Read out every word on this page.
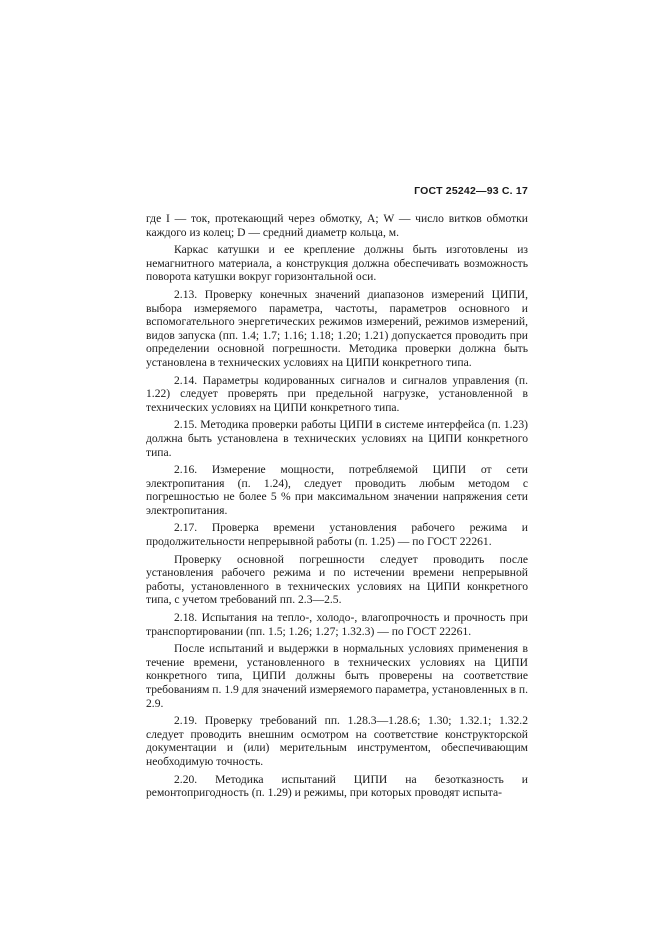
ГОСТ 25242—93 С. 17

где I — ток, протекающий через обмотку, А; W — число витков обмотки каждого из колец; D — средний диаметр кольца, м.

Каркас катушки и ее крепление должны быть изготовлены из немагнитного материала, а конструкция должна обеспечивать возможность поворота катушки вокруг горизонтальной оси.

2.13. Проверку конечных значений диапазонов измерений ЦИПИ, выбора измеряемого параметра, частоты, параметров основного и вспомогательного энергетических режимов измерений, режимов измерений, видов запуска (пп. 1.4; 1.7; 1.16; 1.18; 1.20; 1.21) допускается проводить при определении основной погрешности. Методика проверки должна быть установлена в технических условиях на ЦИПИ конкретного типа.

2.14. Параметры кодированных сигналов и сигналов управления (п. 1.22) следует проверять при предельной нагрузке, установленной в технических условиях на ЦИПИ конкретного типа.

2.15. Методика проверки работы ЦИПИ в системе интерфейса (п. 1.23) должна быть установлена в технических условиях на ЦИПИ конкретного типа.

2.16. Измерение мощности, потребляемой ЦИПИ от сети электропитания (п. 1.24), следует проводить любым методом с погрешностью не более 5 % при максимальном значении напряжения сети электропитания.

2.17. Проверка времени установления рабочего режима и продолжительности непрерывной работы (п. 1.25) — по ГОСТ 22261.

Проверку основной погрешности следует проводить после установления рабочего режима и по истечении времени непрерывной работы, установленного в технических условиях на ЦИПИ конкретного типа, с учетом требований пп. 2.3—2.5.

2.18. Испытания на тепло-, холодо-, влагопрочность и прочность при транспортировании (пп. 1.5; 1.26; 1.27; 1.32.3) — по ГОСТ 22261.

После испытаний и выдержки в нормальных условиях применения в течение времени, установленного в технических условиях на ЦИПИ конкретного типа, ЦИПИ должны быть проверены на соответствие требованиям п. 1.9 для значений измеряемого параметра, установленных в п. 2.9.

2.19. Проверку требований пп. 1.28.3—1.28.6; 1.30; 1.32.1; 1.32.2 следует проводить внешним осмотром на соответствие конструкторской документации и (или) мерительным инструментом, обеспечивающим необходимую точность.

2.20. Методика испытаний ЦИПИ на безотказность и ремонтопригодность (п. 1.29) и режимы, при которых проводят испыта-
